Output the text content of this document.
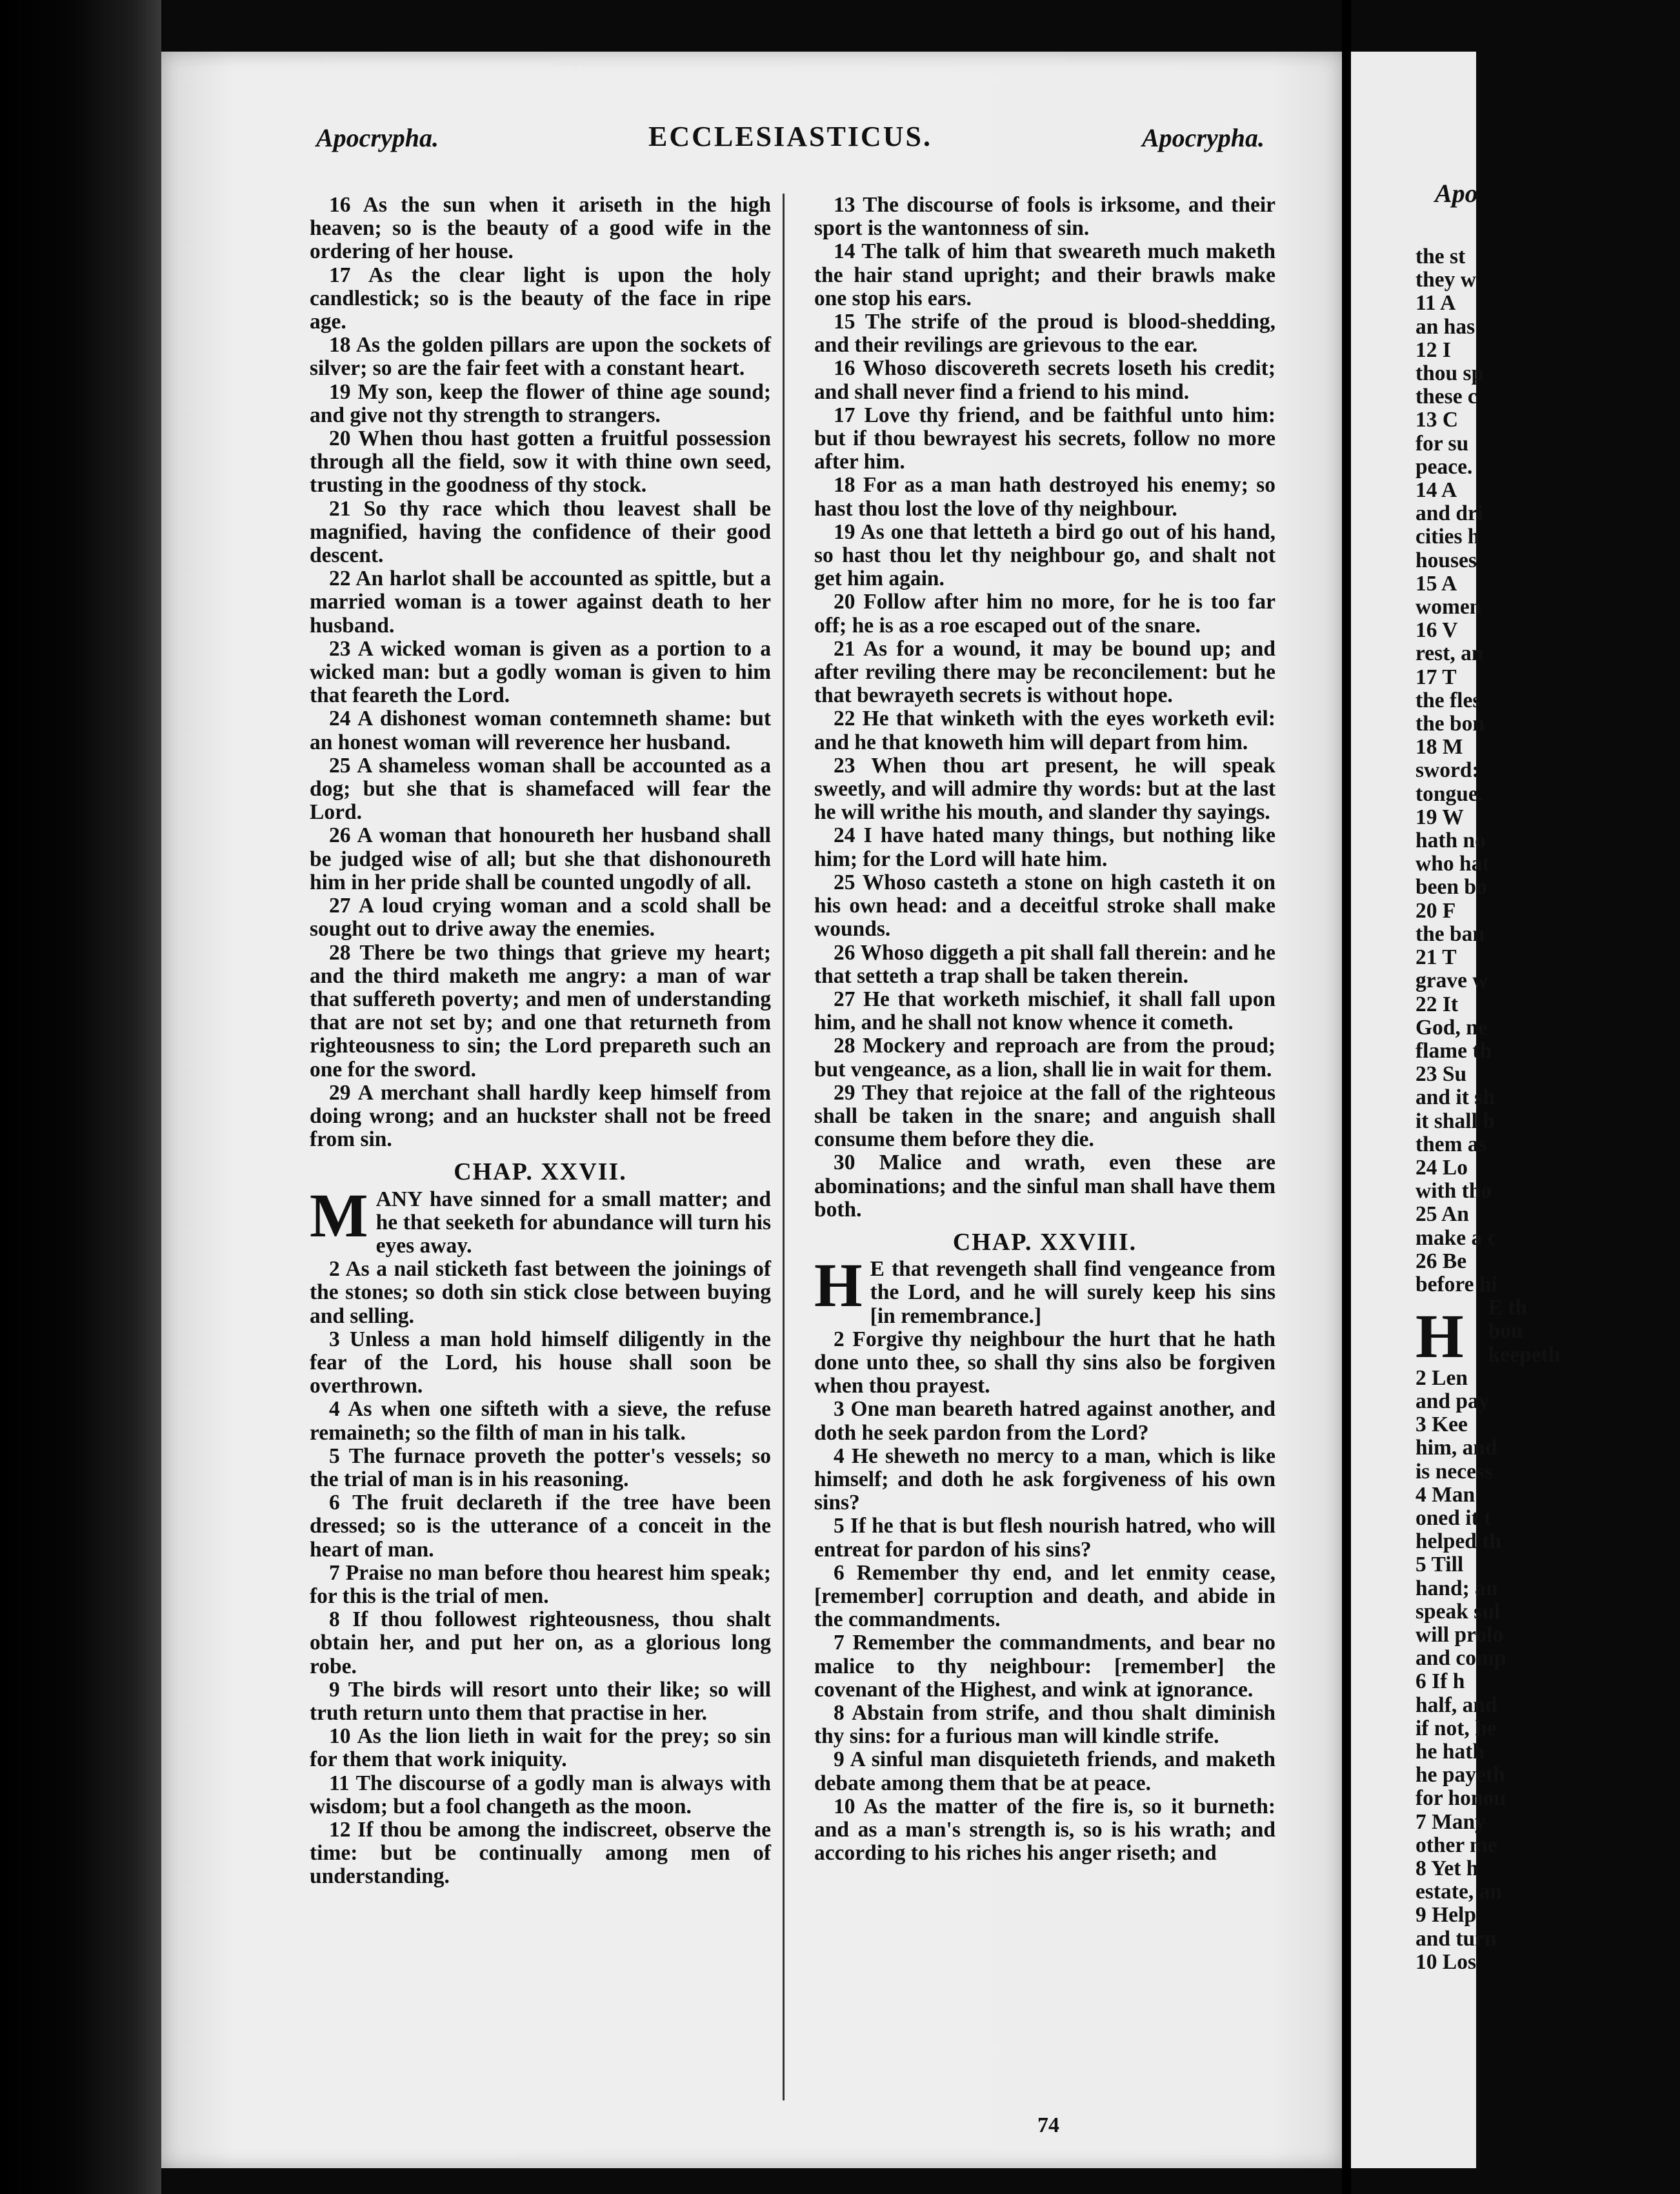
Apo
the st
they w
11 A
an has
12 I
thou sp
these c
13 C
for su
peace.
14 A
and dri
cities h
houses
15 A
women
16 V
rest, an
17 T
the fles
the bon
18 M
sword:
tongue.
19 W
hath no
who hat
been bo
20 F
the ban
21 T
grave w
22 It
God, ne
flame th
23 Su
and it sh
it shall b
them as
24 Lo
with tho
25 An
make a c
26 Be
before hi
H	E th
bou
keepeth
2 Len
and pay
3 Kee
him, and
is necess
4 Man
oned it t
helped th
5 Till
hand; an
speak sul
will prolo
and comp
6 If h
half, and
if not, he
he hath
he payeth
for honou
7 Many
other me
8 Yet h
estate, an
9 Help
and turn
10 Los
Apocrypha.	ECCLESIASTICUS.	Apocrypha.

16 As the sun when it ariseth in the high heaven; so is the beauty of a good wife in the ordering of her house.

17 As the clear light is upon the holy candlestick; so is the beauty of the face in ripe age.

18 As the golden pillars are upon the sockets of silver; so are the fair feet with a constant heart.

19 My son, keep the flower of thine age sound; and give not thy strength to strangers.

20 When thou hast gotten a fruitful possession through all the field, sow it with thine own seed, trusting in the goodness of thy stock.

21 So thy race which thou leavest shall be magnified, having the confidence of their good descent.

22 An harlot shall be accounted as spittle, but a married woman is a tower against death to her husband.

23 A wicked woman is given as a portion to a wicked man: but a godly woman is given to him that feareth the Lord.

24 A dishonest woman contemneth shame: but an honest woman will reverence her husband.

25 A shameless woman shall be accounted as a dog; but she that is shamefaced will fear the Lord.

26 A woman that honoureth her husband shall be judged wise of all; but she that dishonoureth him in her pride shall be counted ungodly of all.

27 A loud crying woman and a scold shall be sought out to drive away the enemies.

28 There be two things that grieve my heart; and the third maketh me angry: a man of war that suffereth poverty; and men of understanding that are not set by; and one that returneth from righteousness to sin; the Lord prepareth such an one for the sword.

29 A merchant shall hardly keep himself from doing wrong; and an huckster shall not be freed from sin.

CHAP. XXVII.

MANY have sinned for a small matter; and he that seeketh for abundance will turn his eyes away.

2 As a nail sticketh fast between the joinings of the stones; so doth sin stick close between buying and selling.

3 Unless a man hold himself diligently in the fear of the Lord, his house shall soon be overthrown.

4 As when one sifteth with a sieve, the refuse remaineth; so the filth of man in his talk.

5 The furnace proveth the potter's vessels; so the trial of man is in his reasoning.

6 The fruit declareth if the tree have been dressed; so is the utterance of a conceit in the heart of man.

7 Praise no man before thou hearest him speak; for this is the trial of men.

8 If thou followest righteousness, thou shalt obtain her, and put her on, as a glorious long robe.

9 The birds will resort unto their like; so will truth return unto them that practise in her.

10 As the lion lieth in wait for the prey; so sin for them that work iniquity.

11 The discourse of a godly man is always with wisdom; but a fool changeth as the moon.

12 If thou be among the indiscreet, observe the time: but be continually among men of understanding.

13 The discourse of fools is irksome, and their sport is the wantonness of sin.

14 The talk of him that sweareth much maketh the hair stand upright; and their brawls make one stop his ears.

15 The strife of the proud is blood-shedding, and their revilings are grievous to the ear.

16 Whoso discovereth secrets loseth his credit; and shall never find a friend to his mind.

17 Love thy friend, and be faithful unto him: but if thou bewrayest his secrets, follow no more after him.

18 For as a man hath destroyed his enemy; so hast thou lost the love of thy neighbour.

19 As one that letteth a bird go out of his hand, so hast thou let thy neighbour go, and shalt not get him again.

20 Follow after him no more, for he is too far off; he is as a roe escaped out of the snare.

21 As for a wound, it may be bound up; and after reviling there may be reconcilement: but he that bewrayeth secrets is without hope.

22 He that winketh with the eyes worketh evil: and he that knoweth him will depart from him.

23 When thou art present, he will speak sweetly, and will admire thy words: but at the last he will writhe his mouth, and slander thy sayings.

24 I have hated many things, but nothing like him; for the Lord will hate him.

25 Whoso casteth a stone on high casteth it on his own head: and a deceitful stroke shall make wounds.

26 Whoso diggeth a pit shall fall therein: and he that setteth a trap shall be taken therein.

27 He that worketh mischief, it shall fall upon him, and he shall not know whence it cometh.

28 Mockery and reproach are from the proud; but vengeance, as a lion, shall lie in wait for them.

29 They that rejoice at the fall of the righteous shall be taken in the snare; and anguish shall consume them before they die.

30 Malice and wrath, even these are abominations; and the sinful man shall have them both.

CHAP. XXVIII.

H E that revengeth shall find vengeance from the Lord, and he will surely keep his sins [in remembrance.]

2 Forgive thy neighbour the hurt that he hath done unto thee, so shall thy sins also be forgiven when thou prayest.

3 One man beareth hatred against another, and doth he seek pardon from the Lord?

4 He sheweth no mercy to a man, which is like himself; and doth he ask forgiveness of his own sins?

5 If he that is but flesh nourish hatred, who will entreat for pardon of his sins?

6 Remember thy end, and let enmity cease, [remember] corruption and death, and abide in the commandments.

7 Remember the commandments, and bear no malice to thy neighbour: [remember] the covenant of the Highest, and wink at ignorance.

8 Abstain from strife, and thou shalt diminish thy sins: for a furious man will kindle strife.

9 A sinful man disquieteth friends, and maketh debate among them that be at peace.

10 As the matter of the fire is, so it burneth: and as a man's strength is, so is his wrath; and according to his riches his anger riseth; and

74
